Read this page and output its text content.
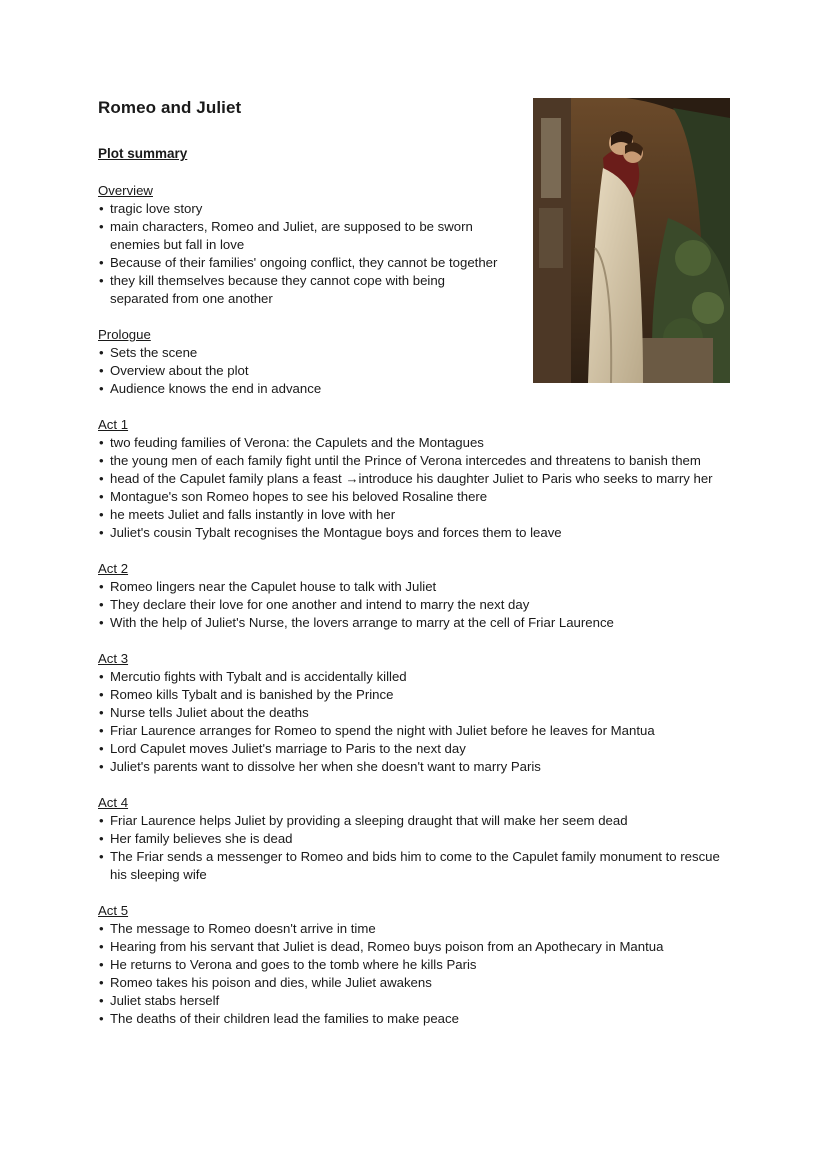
Romeo and Juliet
Plot summary
Overview
• tragic love story
• main characters, Romeo and Juliet, are supposed to be sworn enemies but fall in love
• Because of their families' ongoing conflict, they cannot be together
• they kill themselves because they cannot cope with being separated from one another
Prologue
• Sets the scene
• Overview about the plot
• Audience knows the end in advance
Act 1
• two feuding families of Verona: the Capulets and the Montagues
• the young men of each family fight until the Prince of Verona intercedes and threatens to banish them
• head of the Capulet family plans a feast →introduce his daughter Juliet to Paris who seeks to marry her
• Montague's son Romeo hopes to see his beloved Rosaline there
• he meets Juliet and falls instantly in love with her
• Juliet's cousin Tybalt recognises the Montague boys and forces them to leave
Act 2
• Romeo lingers near the Capulet house to talk with Juliet
• They declare their love for one another and intend to marry the next day
• With the help of Juliet's Nurse, the lovers arrange to marry at the cell of Friar Laurence
Act 3
• Mercutio fights with Tybalt and is accidentally killed
• Romeo kills Tybalt and is banished by the Prince
• Nurse tells Juliet about the deaths
• Friar Laurence arranges for Romeo to spend the night with Juliet before he leaves for Mantua
• Lord Capulet moves Juliet's marriage to Paris to the next day
• Juliet's parents want to dissolve her when she doesn't want to marry Paris
Act 4
• Friar Laurence helps Juliet by providing a sleeping draught that will make her seem dead
• Her family believes she is dead
• The Friar sends a messenger to Romeo and bids him to come to the Capulet family monument to rescue his sleeping wife
Act 5
• The message to Romeo doesn't arrive in time
• Hearing from his servant that Juliet is dead, Romeo buys poison from an Apothecary in Mantua
• He returns to Verona and goes to the tomb where he kills Paris
• Romeo takes his poison and dies, while Juliet awakens
• Juliet stabs herself
• The deaths of their children lead the families to make peace
